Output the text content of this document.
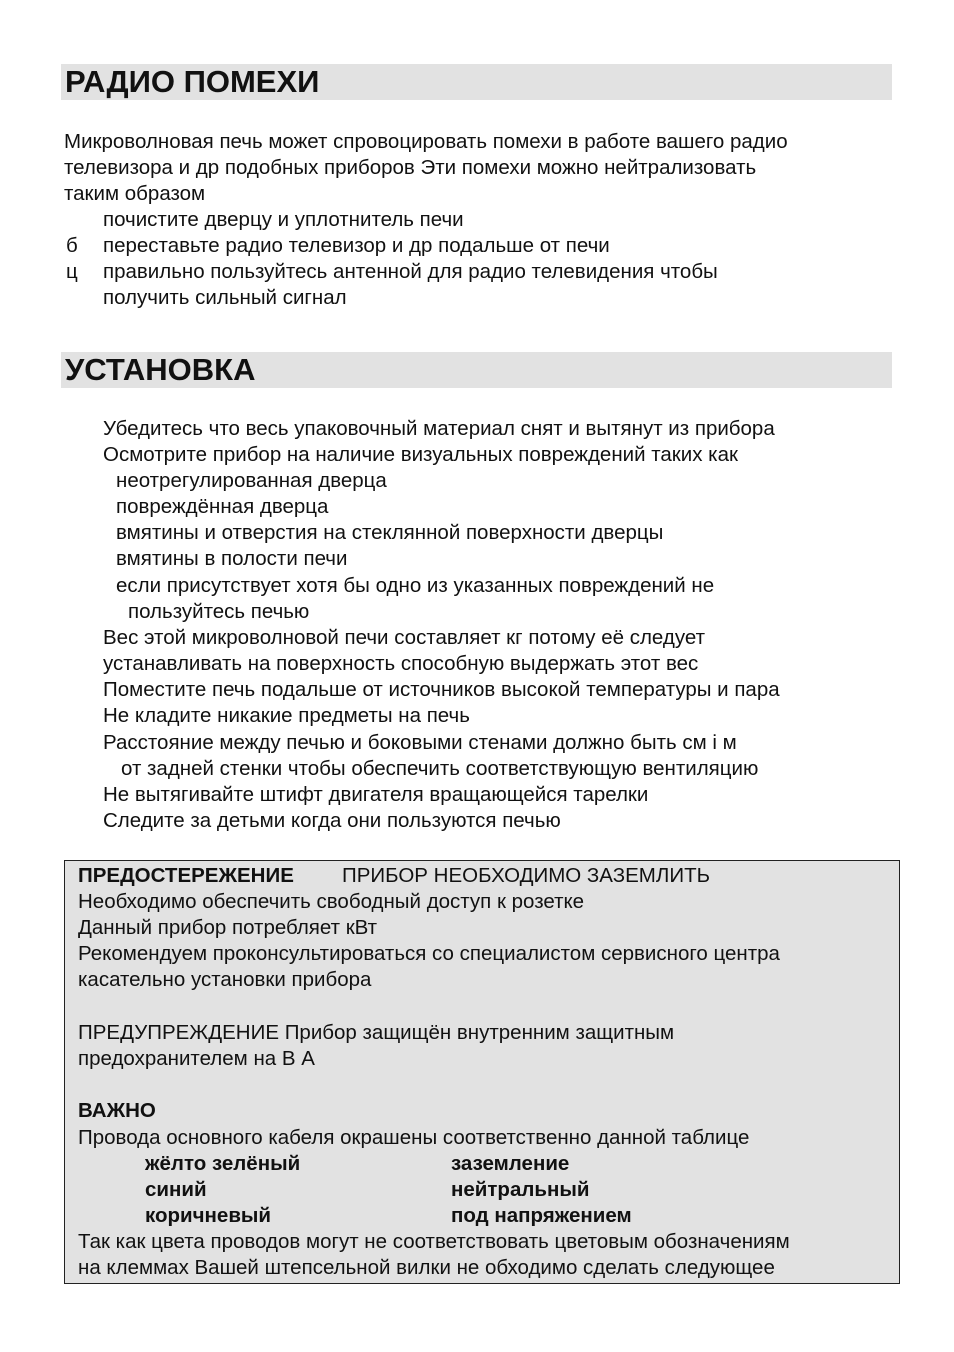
РАДИО ПОМЕХИ
Микроволновая печь может спровоцировать помехи в работе вашего радио
телевизора и др подобных приборов Эти помехи можно нейтрализовать
таким образом
почистите дверцу и уплотнитель печи
б переставьте радио телевизор и др подальше от печи
ц правильно пользуйтесь антенной для радио телевидения чтобы
получить сильный сигнал
УСТАНОВКА
Убедитесь что весь упаковочный материал снят и вытянут из прибора
Осмотрите прибор на наличие визуальных повреждений таких как
неотрегулированная дверца
повреждённая дверца
вмятины и отверстия на стеклянной поверхности дверцы
вмятины в полости печи
если присутствует хотя бы одно из указанных повреждений не
пользуйтесь печью
Вес этой микроволновой печи составляет кг потому её следует
устанавливать на поверхность способную выдержать этот вес
Поместите печь подальше от источников высокой температуры и пара
Не кладите никакие предметы на печь
Расстояние между печью и боковыми стенами должно быть см і м
от задней стенки чтобы обеспечить соответствующую вентиляцию
Не вытягивайте штифт двигателя вращающейся тарелки
Следите за детьми когда они пользуются печью
ПРЕДОСТЕРЕЖЕНИЕ ПРИБОР НЕОБХОДИМО ЗАЗЕМЛИТЬ
Необходимо обеспечить свободный доступ к розетке
Данный прибор потребляет кВт
Рекомендуем проконсультироваться со специалистом сервисного центра
касательно установки прибора
ПРЕДУПРЕЖДЕНИЕ Прибор защищён внутренним защитным
предохранителем на В А
ВАЖНО
Провода основного кабеля окрашены соответственно данной таблице
жёлто зелёный	заземление
синий	нейтральный
коричневый	под напряжением
Так как цвета проводов могут не соответствовать цветовым обозначениям
на клеммах Вашей штепсельной вилки не обходимо сделать следующее
